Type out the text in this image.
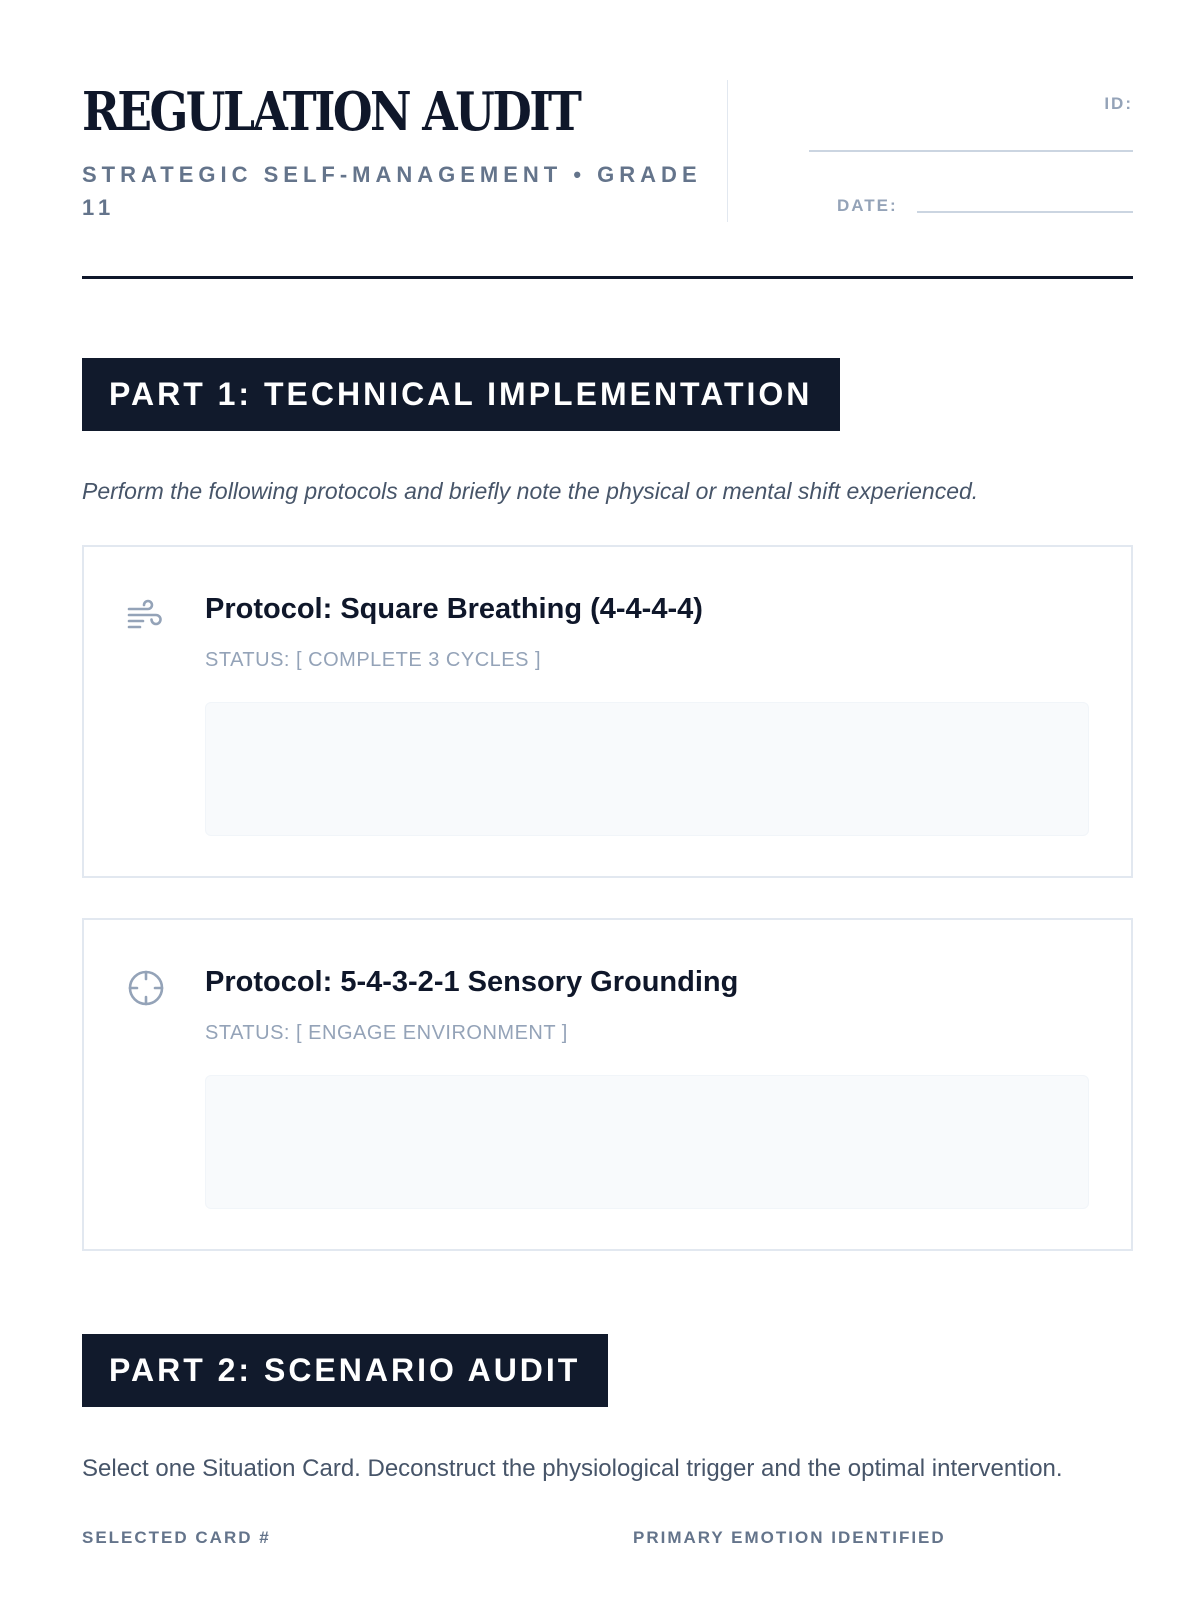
REGULATION AUDIT
STRATEGIC SELF-MANAGEMENT • GRADE 11
ID:
DATE:
PART 1: TECHNICAL IMPLEMENTATION
Perform the following protocols and briefly note the physical or mental shift experienced.
Protocol: Square Breathing (4-4-4-4)
STATUS: [ COMPLETE 3 CYCLES ]
Protocol: 5-4-3-2-1 Sensory Grounding
STATUS: [ ENGAGE ENVIRONMENT ]
PART 2: SCENARIO AUDIT
Select one Situation Card. Deconstruct the physiological trigger and the optimal intervention.
SELECTED CARD #	PRIMARY EMOTION IDENTIFIED
